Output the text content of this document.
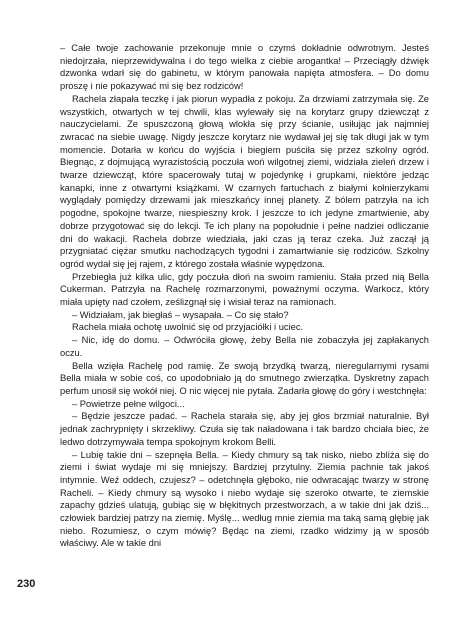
– Całe twoje zachowanie przekonuje mnie o czymś dokładnie odwrotnym. Jesteś niedojrzała, nieprzewidywalna i do tego wielka z ciebie arogantka! – Przeciągły dźwięk dzwonka wdarł się do gabinetu, w którym panowała napięta atmosfera. – Do domu proszę i nie pokazywać mi się bez rodziców!

Rachela złapała teczkę i jak piorun wypadła z pokoju. Za drzwiami zatrzymała się. Ze wszystkich, otwartych w tej chwili, klas wylewały się na korytarz grupy dziewcząt z nauczycielami. Ze spuszczoną głową wlokła się przy ścianie, usiłując jak najmniej zwracać na siebie uwagę. Nigdy jeszcze korytarz nie wydawał jej się tak długi jak w tym momencie. Dotarła w końcu do wyjścia i biegiem puściła się przez szkolny ogród. Biegnąc, z dojmującą wyrazistością poczuła woń wilgotnej ziemi, widziała zieleń drzew i twarze dziewcząt, które spacerowały tutaj w pojedynkę i grupkami, niektóre jedząc kanapki, inne z otwartymi książkami. W czarnych fartuchach z białymi kołnierzykami wyglądały pomiędzy drzewami jak mieszkańcy innej planety. Z bólem patrzyła na ich pogodne, spokojne twarze, niespieszny krok. I jeszcze to ich jedyne zmartwienie, aby dobrze przygotować się do lekcji. Te ich plany na popołudnie i pełne nadziei odliczanie dni do wakacji. Rachela dobrze wiedziała, jaki czas ją teraz czeka. Już zaczął ją przygniatać ciężar smutku nachodzących tygodni i zamartwianie się rodziców. Szkolny ogród wydał się jej rajem, z którego została właśnie wypędzona.

Przebiegła już kilka ulic, gdy poczuła dłoń na swoim ramieniu. Stała przed nią Bella Cukerman. Patrzyła na Rachelę rozmarzonymi, poważnymi oczyma. Warkocz, który miała upięty nad czołem, ześlizgnął się i wisiał teraz na ramionach.

– Widziałam, jak biegłaś – wysapała. – Co się stało?

Rachela miała ochotę uwolnić się od przyjaciółki i uciec.

– Nic, idę do domu. – Odwróciła głowę, żeby Bella nie zobaczyła jej zapłakanych oczu.

Bella wzięła Rachelę pod ramię. Ze swoją brzydką twarzą, nieregularnymi rysami Bella miała w sobie coś, co upodobniało ją do smutnego zwierzątka. Dyskretny zapach perfum unosił się wokół niej. O nic więcej nie pytała. Zadarła głowę do góry i westchnęła:

– Powietrze pełne wilgoci...

– Będzie jeszcze padać. – Rachela starała się, aby jej głos brzmiał naturalnie. Był jednak zachrypnięty i skrzekliwy. Czuła się tak naładowana i tak bardzo chciała biec, że ledwo dotrzymywała tempa spokojnym krokom Belli.

– Lubię takie dni – szepnęła Bella. – Kiedy chmury są tak nisko, niebo zbliża się do ziemi i świat wydaje mi się mniejszy. Bardziej przytulny. Ziemia pachnie tak jakoś intymnie. Weź oddech, czujesz? – odetchnęła głęboko, nie odwracając twarzy w stronę Racheli. – Kiedy chmury są wysoko i niebo wydaje się szeroko otwarte, te ziemskie zapachy gdzieś ulatują, gubiąc się w błękitnych przestworzach, a w takie dni jak dziś... człowiek bardziej patrzy na ziemię. Myślę... według mnie ziemia ma taką samą głębię jak niebo. Rozumiesz, o czym mówię? Będąc na ziemi, rzadko widzimy ją w sposób właściwy. Ale w takie dni

230
